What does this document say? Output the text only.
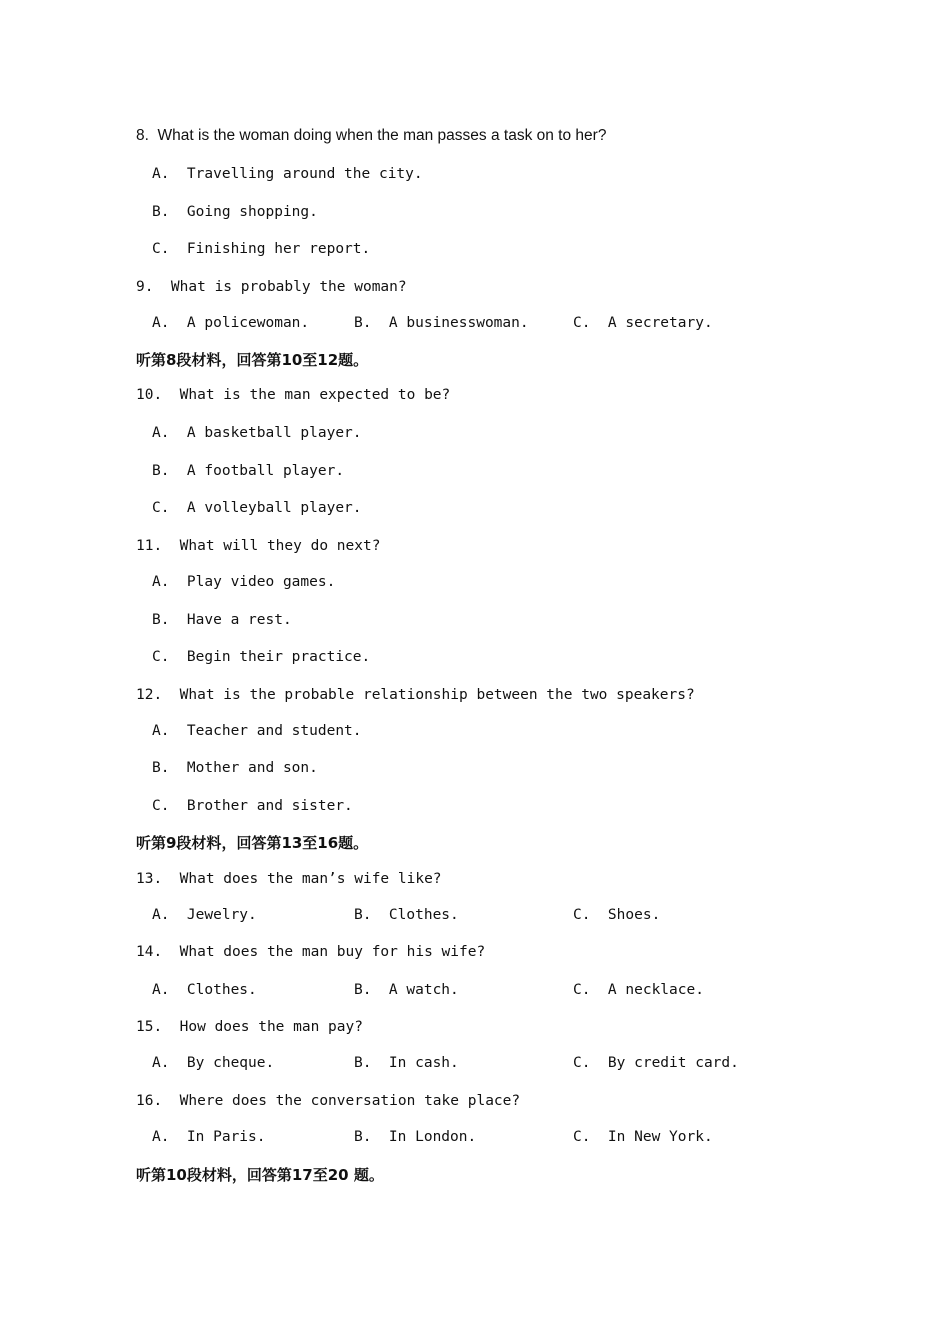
8.  What is the woman doing when the man passes a task on to her?
A.  Travelling around the city.
B.  Going shopping.
C.  Finishing her report.
9.  What is probably the woman?
A.  A policewoman.	B.  A businesswoman.	C.  A secretary.
听第8段材料，回答第10至12题。
10.  What is the man expected to be?
A.  A basketball player.
B.  A football player.
C.  A volleyball player.
11.  What will they do next?
A.  Play video games.
B.  Have a rest.
C.  Begin their practice.
12.  What is the probable relationship between the two speakers?
A.  Teacher and student.
B.  Mother and son.
C.  Brother and sister.
听第9段材料，回答第13至16题。
13.  What does the man’s wife like?
A.  Jewelry.	B.  Clothes.	C.  Shoes.
14.  What does the man buy for his wife?
A.  Clothes.	B.  A watch.	C.  A necklace.
15.  How does the man pay?
A.  By cheque.	B.  In cash.	C.  By credit card.
16.  Where does the conversation take place?
A.  In Paris.	B.  In London.	C.  In New York.
听第10段材料，回答第17至20 题。
